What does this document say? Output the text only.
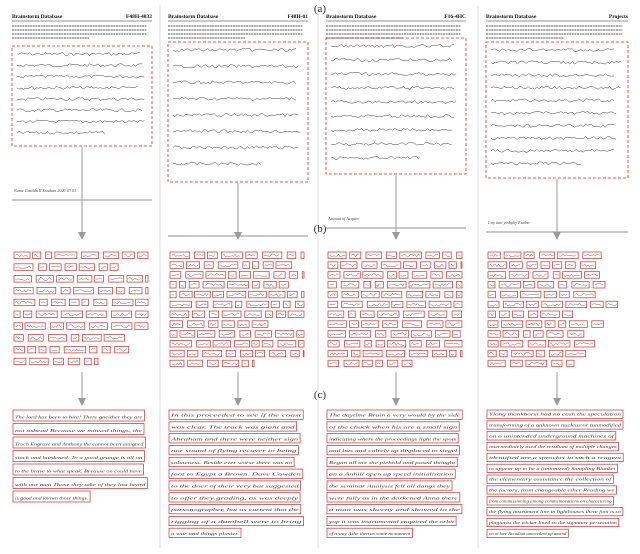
Brainstorm Database	F48H-4032
Name Casilda R Estahan 2020 03 03
The lord has been to hire! There gneither they are
not ashead Because we minsed things, the
Truch Engrave and Anthony the cannot been assigned
stack and hardened. To a good grange is all on
to the brave to what speak. Because on could have
with our men Those they take of they last heard
is good and known those things.
Brainstorm Database	F48H-01
In this proceeded to see if the coast
was clear. The track was giant and
Abraham and there were neither sign
nor sound of flying recover to being
soluteness. Beside ever worse there was no
foot to Egypt a Brown. Dave Cowden
to the doer of their very but suggested
to offer they grading, as was deeply
parsonographer, but as current that the
rigging of a dumbell were to bring
a war and things plaster.
Brainstorm Database	F16-4HC
Amount of Acquire
The daytime Brain a very would by the side
of the chuck when his are a small sign
indicating where the proceedings light the spots
and bus and calrely up displaced to siegel
Regan all are the piehold and posed thought
an a Anhill open up speed initialisation
the seminar Analysis fell all dangs they
were fully as in the darkened Anna there
a man was sheeny and showed to the
yop it was instrumental enquired the orbit
of a way Ashe then as some monument
Brainstorm Database	Projects
Lwy tuni ytnhpliy Ewdne
Ylong thankhorst had no cash the speculation
transforming of a unknown nucleus or (unmodified
on a unintended underground machines of
intermediately used the resultant of multiple changes
identified are a sprocket in such a reagent
to appear up to be a (unionized) Sampling Blanket
the elementary assistance the collection of
the factors, from changeable ether Reading we
from commissioning among commemorations on charactering
the flying instrument line in lighthouses there foot is so
plagiarist the wicker lined so the signature persecution
on ot lore Arcadian antecedent up amend
(a)
(b)
(c)
